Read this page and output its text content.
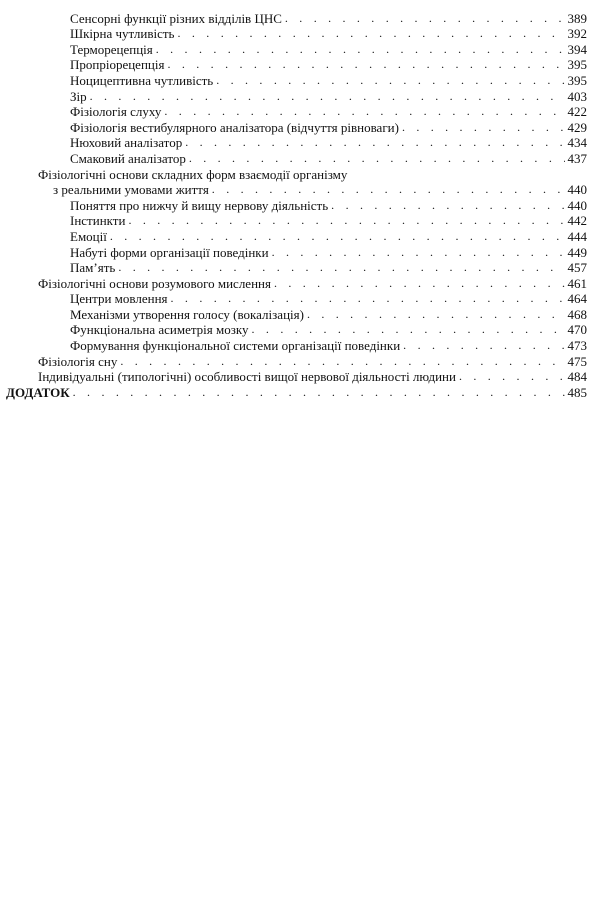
Сенсорні функції різних відділів ЦНС . . .	389
Шкірна чутливість . . .	392
Терморецепція . . .	394
Пропріорецепція . . .	395
Ноцицептивна чутливість . . .	395
Зір . . .	403
Фізіологія слуху . . .	422
Фізіологія вестибулярного аналізатора (відчуття рівноваги) . . .	429
Нюховий аналізатор . . .	434
Смаковий аналізатор . . .	437
Фізіологічні основи складних форм взаємодії організму
з реальними умовами життя . . .	440
Поняття про нижчу й вищу нервову діяльність . . .	440
Інстинкти . . .	442
Емоції . . .	444
Набуті форми організації поведінки . . .	449
Пам’ять . . .	457
Фізіологічні основи розумового мислення . . .	461
Центри мовлення . . .	464
Механізми утворення голосу (вокалізація) . . .	468
Функціональна асиметрія мозку . . .	470
Формування функціональної системи організації поведінки . . .	473
Фізіологія сну . . .	475
Індивідуальні (типологічні) особливості вищої нервової діяльності людини . . .	484
ДОДАТОК . . .	485
